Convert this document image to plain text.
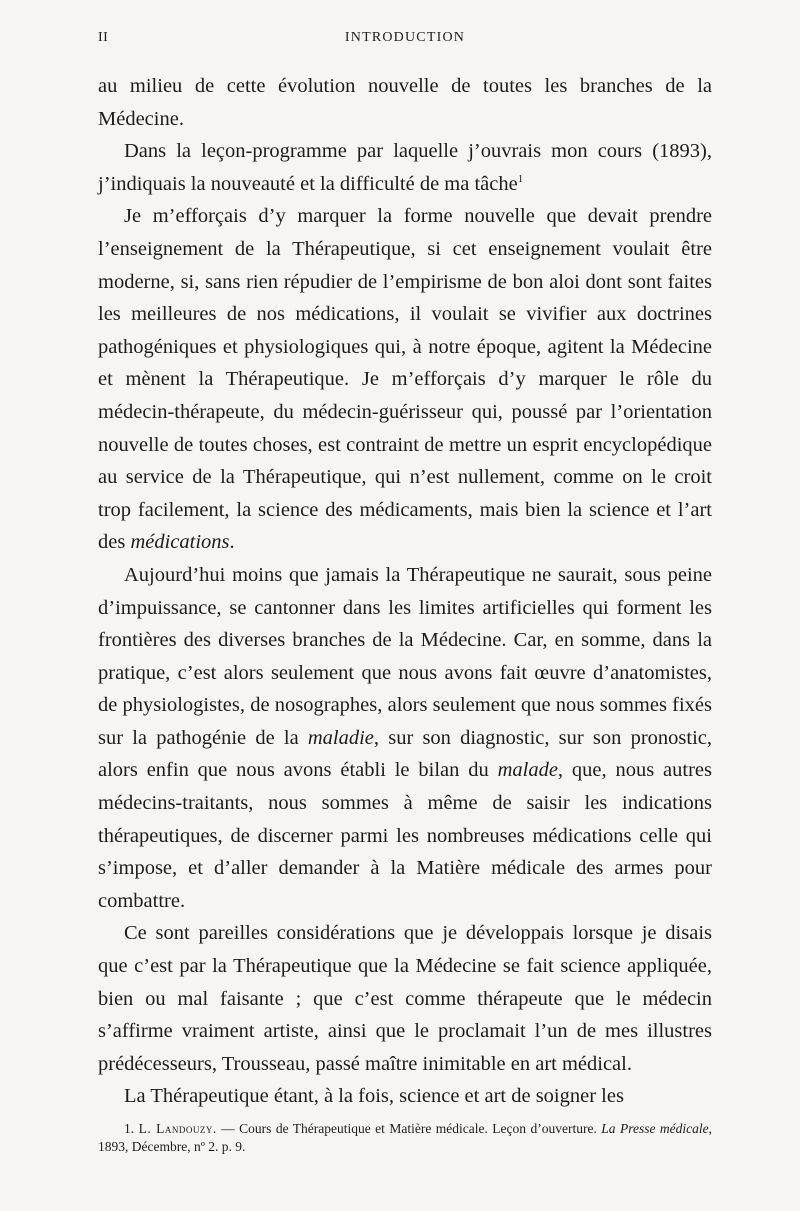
II	INTRODUCTION

au milieu de cette évolution nouvelle de toutes les branches de la Médecine.

Dans la leçon-programme par laquelle j’ouvrais mon cours (1893), j’indiquais la nouveauté et la difficulté de ma tâche$^1$

Je m’efforçais d’y marquer la forme nouvelle que devait prendre l’enseignement de la Thérapeutique, si cet enseignement voulait être moderne, si, sans rien répudier de l’empirisme de bon aloi dont sont faites les meilleures de nos médications, il voulait se vivifier aux doctrines pathogéniques et physiologiques qui, à notre époque, agitent la Médecine et mènent la Thérapeutique. Je m’efforçais d’y marquer le rôle du médecin-thérapeute, du médecin-guérisseur qui, poussé par l’orientation nouvelle de toutes choses, est contraint de mettre un esprit encyclopédique au service de la Thérapeutique, qui n’est nullement, comme on le croit trop facilement, la science des médicaments, mais bien la science et l’art des médications.

Aujourd’hui moins que jamais la Thérapeutique ne saurait, sous peine d’impuissance, se cantonner dans les limites artificielles qui forment les frontières des diverses branches de la Médecine. Car, en somme, dans la pratique, c’est alors seulement que nous avons fait œuvre d’anatomistes, de physiologistes, de nosographes, alors seulement que nous sommes fixés sur la pathogénie de la maladie, sur son diagnostic, sur son pronostic, alors enfin que nous avons établi le bilan du malade, que, nous autres médecins-traitants, nous sommes à même de saisir les indications thérapeutiques, de discerner parmi les nombreuses médications celle qui s’impose, et d’aller demander à la Matière médicale des armes pour combattre.

Ce sont pareilles considérations que je développais lorsque je disais que c’est par la Thérapeutique que la Médecine se fait science appliquée, bien ou mal faisante ; que c’est comme thérapeute que le médecin s’affirme vraiment artiste, ainsi que le proclamait l’un de mes illustres prédécesseurs, Trousseau, passé maître inimitable en art médical.

La Thérapeutique étant, à la fois, science et art de soigner les

1. L. Landouzy. — Cours de Thérapeutique et Matière médicale. Leçon d’ouverture. La Presse médicale, 1893, Décembre, nº 2. p. 9.
